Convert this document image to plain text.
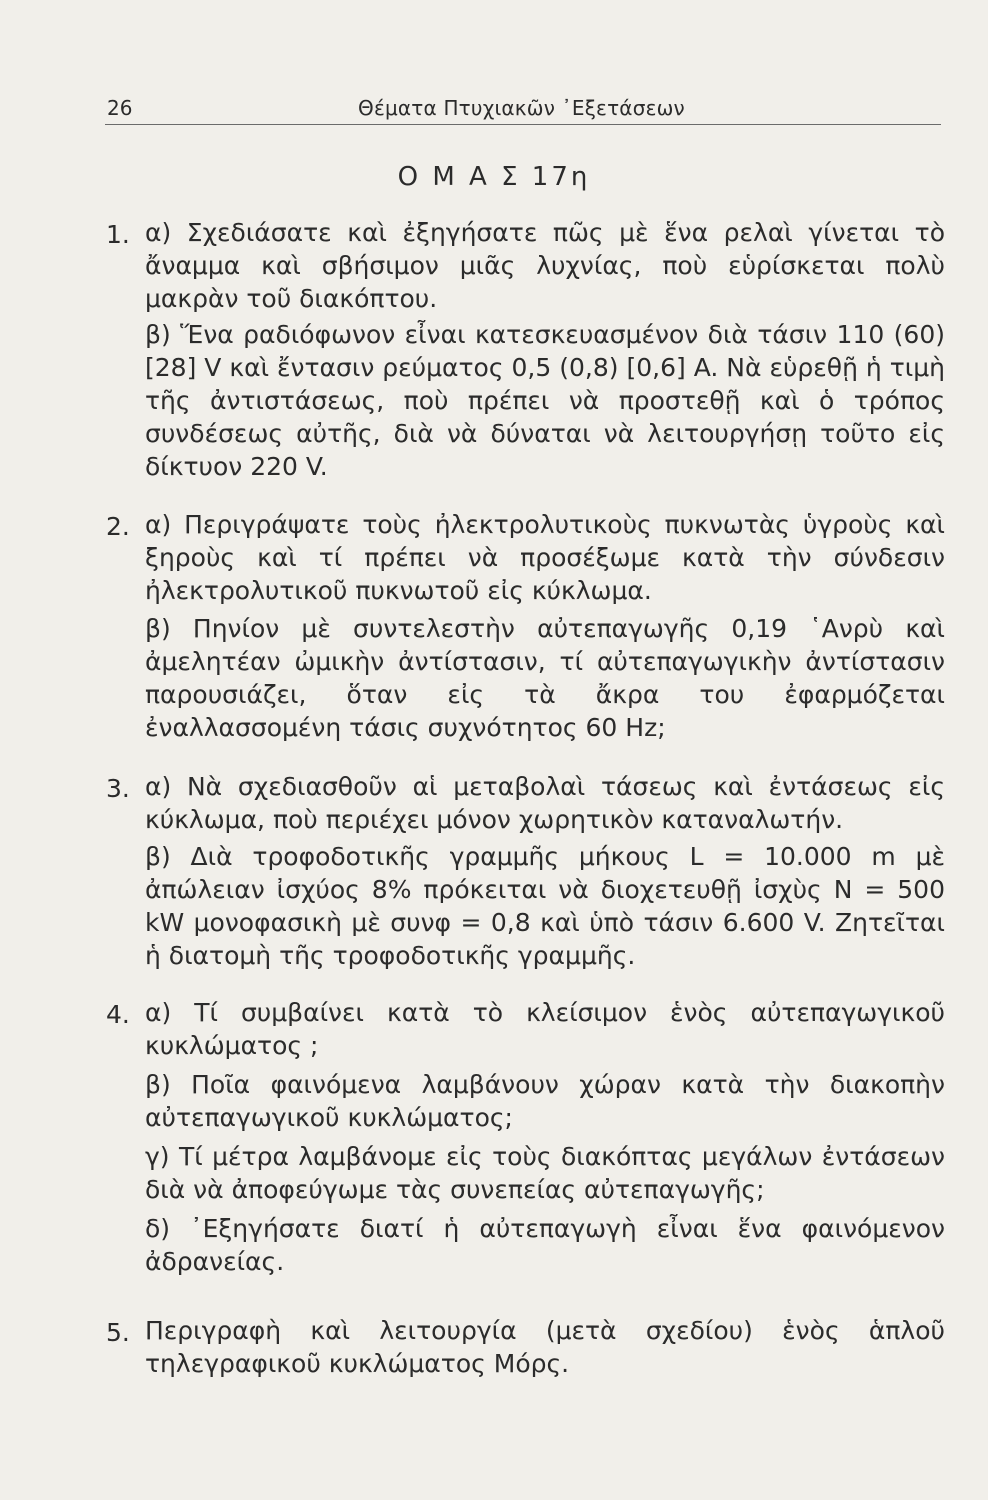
26	Θέματα Πτυχιακῶν ᾿Εξετάσεων
Ο Μ Α Σ 17η
1. α) Σχεδιάσατε καὶ ἐξηγήσατε πῶς μὲ ἕνα ρελαὶ γίνεται τὸ ἄναμμα καὶ σβήσιμον μιᾶς λυχνίας, ποὺ εὑρίσκεται πολὺ μακρὰν τοῦ διακόπτου.
β) Ἕνα ραδιόφωνον εἶναι κατεσκευασμένον διὰ τάσιν 110 (60) [28] V καὶ ἔντασιν ρεύματος 0,5 (0,8) [0,6] A. Νὰ εὑρεθῇ ἡ τιμὴ τῆς ἀντιστάσεως, ποὺ πρέπει νὰ προστεθῇ καὶ ὁ τρόπος συνδέσεως αὐτῆς, διὰ νὰ δύναται νὰ λειτουργήσῃ τοῦτο εἰς δίκτυον 220 V.
2. α) Περιγράψατε τοὺς ἠλεκτρολυτικοὺς πυκνωτὰς ὑγροὺς καὶ ξηροὺς καὶ τί πρέπει νὰ προσέξωμε κατὰ τὴν σύνδεσιν ἠλεκτρολυτικοῦ πυκνωτοῦ εἰς κύκλωμα.
β) Πηνίον μὲ συντελεστὴν αὐτεπαγωγῆς 0,19 ῾Ανρὺ καὶ ἀμελητέαν ὠμικὴν ἀντίστασιν, τί αὐτεπαγωγικὴν ἀντίστασιν παρουσιάζει, ὅταν εἰς τὰ ἄκρα του ἐφαρμόζεται ἐναλλασσομένη τάσις συχνότητος 60 Hz;
3. α) Νὰ σχεδιασθοῦν αἱ μεταβολαὶ τάσεως καὶ ἐντάσεως εἰς κύκλωμα, ποὺ περιέχει μόνον χωρητικὸν καταναλωτήν.
β) Διὰ τροφοδοτικῆς γραμμῆς μήκους L = 10.000 m μὲ ἀπώλειαν ἰσχύος 8% πρόκειται νὰ διοχετευθῇ ἰσχὺς N = 500 kW μονοφασικὴ μὲ συνφ = 0,8 καὶ ὑπὸ τάσιν 6.600 V. Ζητεῖται ἡ διατομὴ τῆς τροφοδοτικῆς γραμμῆς.
4. α) Τί συμβαίνει κατὰ τὸ κλείσιμον ἑνὸς αὐτεπαγωγικοῦ κυκλώματος ;
β) Ποῖα φαινόμενα λαμβάνουν χώραν κατὰ τὴν διακοπὴν αὐτεπαγωγικοῦ κυκλώματος;
γ) Τί μέτρα λαμβάνομε εἰς τοὺς διακόπτας μεγάλων ἐντάσεων διὰ νὰ ἀποφεύγωμε τὰς συνεπείας αὐτεπαγωγῆς;
δ) ᾿Εξηγήσατε διατί ἡ αὐτεπαγωγὴ εἶναι ἕνα φαινόμενον ἀδρανείας.
5. Περιγραφὴ καὶ λειτουργία (μετὰ σχεδίου) ἑνὸς ἁπλοῦ τηλεγραφικοῦ κυκλώματος Μόρς.
